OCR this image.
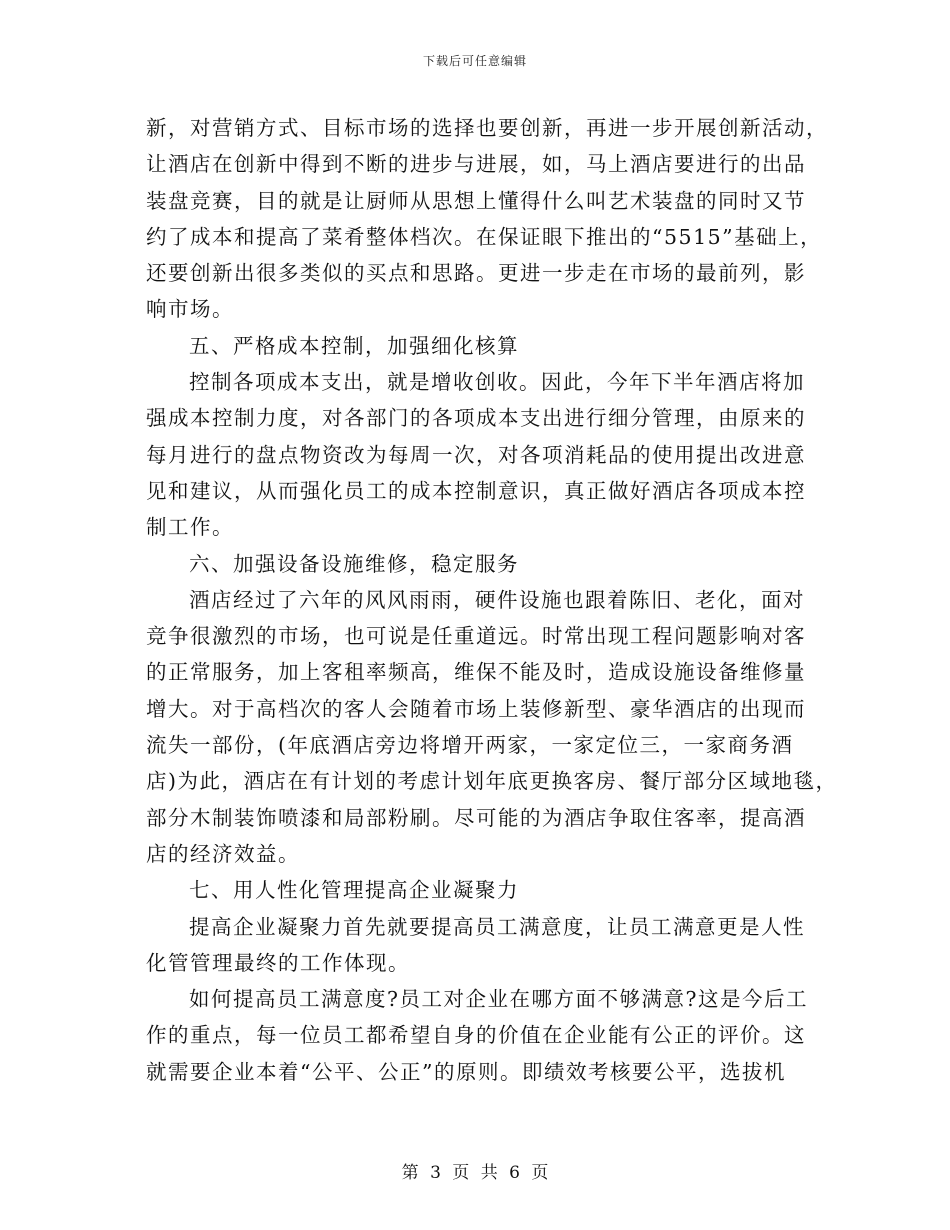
下载后可任意编辑
新，对营销方式、目标市场的选择也要创新，再进一步开展创新活动，
让酒店在创新中得到不断的进步与进展，如，马上酒店要进行的出品
装盘竞赛，目的就是让厨师从思想上懂得什么叫艺术装盘的同时又节
约了成本和提高了菜肴整体档次。在保证眼下推出的“5515”基础上，
还要创新出很多类似的买点和思路。更进一步走在市场的最前列，影
响市场。
五、严格成本控制，加强细化核算
控制各项成本支出，就是增收创收。因此，今年下半年酒店将加
强成本控制力度，对各部门的各项成本支出进行细分管理，由原来的
每月进行的盘点物资改为每周一次，对各项消耗品的使用提出改进意
见和建议，从而强化员工的成本控制意识，真正做好酒店各项成本控
制工作。
六、加强设备设施维修，稳定服务
酒店经过了六年的风风雨雨，硬件设施也跟着陈旧、老化，面对
竞争很激烈的市场，也可说是任重道远。时常出现工程问题影响对客
的正常服务，加上客租率频高，维保不能及时，造成设施设备维修量
增大。对于高档次的客人会随着市场上装修新型、豪华酒店的出现而
流失一部份，(年底酒店旁边将增开两家，一家定位三，一家商务酒
店)为此，酒店在有计划的考虑计划年底更换客房、餐厅部分区域地毯，
部分木制装饰喷漆和局部粉刷。尽可能的为酒店争取住客率，提高酒
店的经济效益。
七、用人性化管理提高企业凝聚力
提高企业凝聚力首先就要提高员工满意度，让员工满意更是人性
化管管理最终的工作体现。
如何提高员工满意度?员工对企业在哪方面不够满意?这是今后工
作的重点，每一位员工都希望自身的价值在企业能有公正的评价。这
就需要企业本着“公平、公正”的原则。即绩效考核要公平，选拔机
第 3 页 共 6 页
